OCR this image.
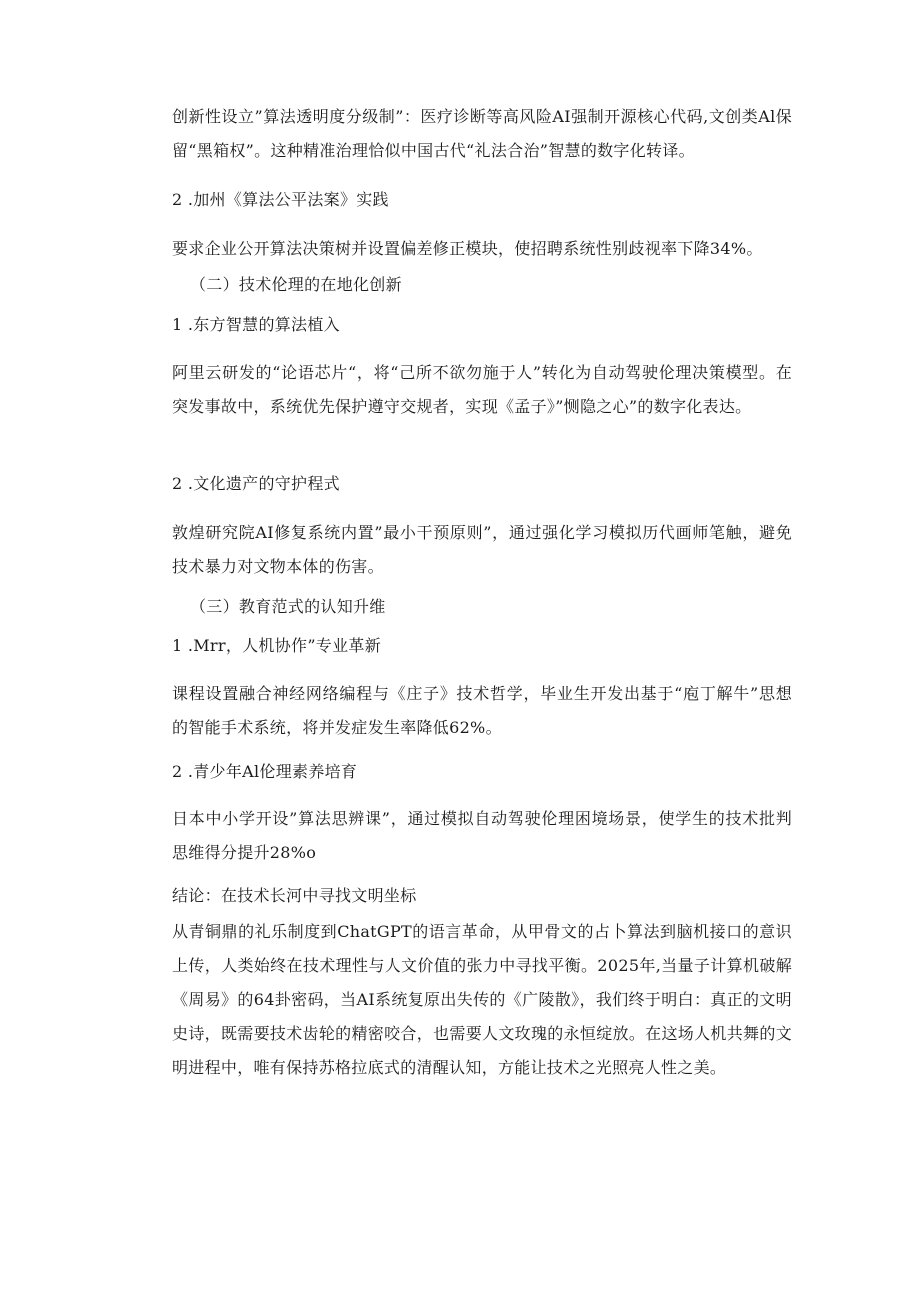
创新性设立”算法透明度分级制”：医疗诊断等高风险AI强制开源核心代码,文创类Al保留“黑箱权”。这种精准治理恰似中国古代“礼法合治”智慧的数字化转译。

2 .加州《算法公平法案》实践
要求企业公开算法决策树并设置偏差修正模块，使招聘系统性别歧视率下降34%。
（二）技术伦理的在地化创新
1 .东方智慧的算法植入

阿里云研发的“论语芯片“，将“己所不欲勿施于人”转化为自动驾驶伦理决策模型。在突发事故中，系统优先保护遵守交规者，实现《孟子》”恻隐之心”的数字化表达。

2 .文化遗产的守护程式

敦煌研究院AI修复系统内置”最小干预原则”，通过强化学习模拟历代画师笔触，避免技术暴力对文物本体的伤害。

（三）教育范式的认知升维
1 .Mrr，人机协作”专业革新

课程设置融合神经网络编程与《庄子》技术哲学，毕业生开发出基于“庖丁解牛”思想的智能手术系统，将并发症发生率降低62%。

2 .青少年Al伦理素养培育

日本中小学开设”算法思辨课”，通过模拟自动驾驶伦理困境场景，使学生的技术批判思维得分提升28%o

结论：在技术长河中寻找文明坐标

从青铜鼎的礼乐制度到ChatGPT的语言革命，从甲骨文的占卜算法到脑机接口的意识上传，人类始终在技术理性与人文价值的张力中寻找平衡。2025年,当量子计算机破解《周易》的64卦密码，当AI系统复原出失传的《广陵散》，我们终于明白：真正的文明史诗，既需要技术齿轮的精密咬合，也需要人文玫瑰的永恒绽放。在这场人机共舞的文明进程中，唯有保持苏格拉底式的清醒认知，方能让技术之光照亮人性之美。
